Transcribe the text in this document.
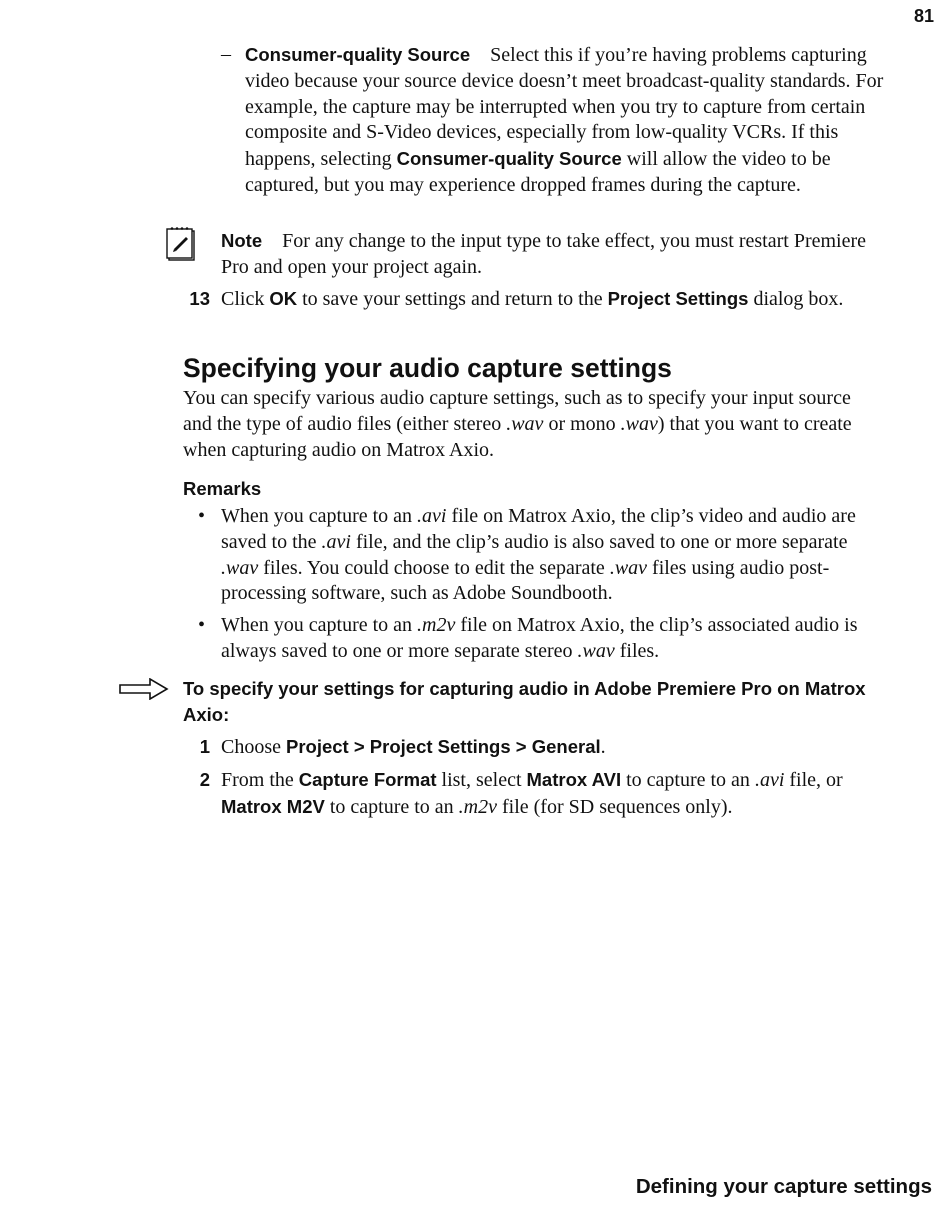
81
– Consumer-quality Source  Select this if you’re having problems capturing video because your source device doesn’t meet broadcast-quality standards. For example, the capture may be interrupted when you try to capture from certain composite and S-Video devices, especially from low-quality VCRs. If this happens, selecting Consumer-quality Source will allow the video to be captured, but you may experience dropped frames during the capture.

Note  For any change to the input type to take effect, you must restart Premiere Pro and open your project again.

13 Click OK to save your settings and return to the Project Settings dialog box.

Specifying your audio capture settings

You can specify various audio capture settings, such as to specify your input source and the type of audio files (either stereo .wav or mono .wav) that you want to create when capturing audio on Matrox Axio.

Remarks
• When you capture to an .avi file on Matrox Axio, the clip’s video and audio are saved to the .avi file, and the clip’s audio is also saved to one or more separate .wav files. You could choose to edit the separate .wav files using audio post-processing software, such as Adobe Soundbooth.

• When you capture to an .m2v file on Matrox Axio, the clip’s associated audio is always saved to one or more separate stereo .wav files.

To specify your settings for capturing audio in Adobe Premiere Pro on Matrox Axio:

1 Choose Project > Project Settings > General.

2 From the Capture Format list, select Matrox AVI to capture to an .avi file, or Matrox M2V to capture to an .m2v file (for SD sequences only).

Defining your capture settings
